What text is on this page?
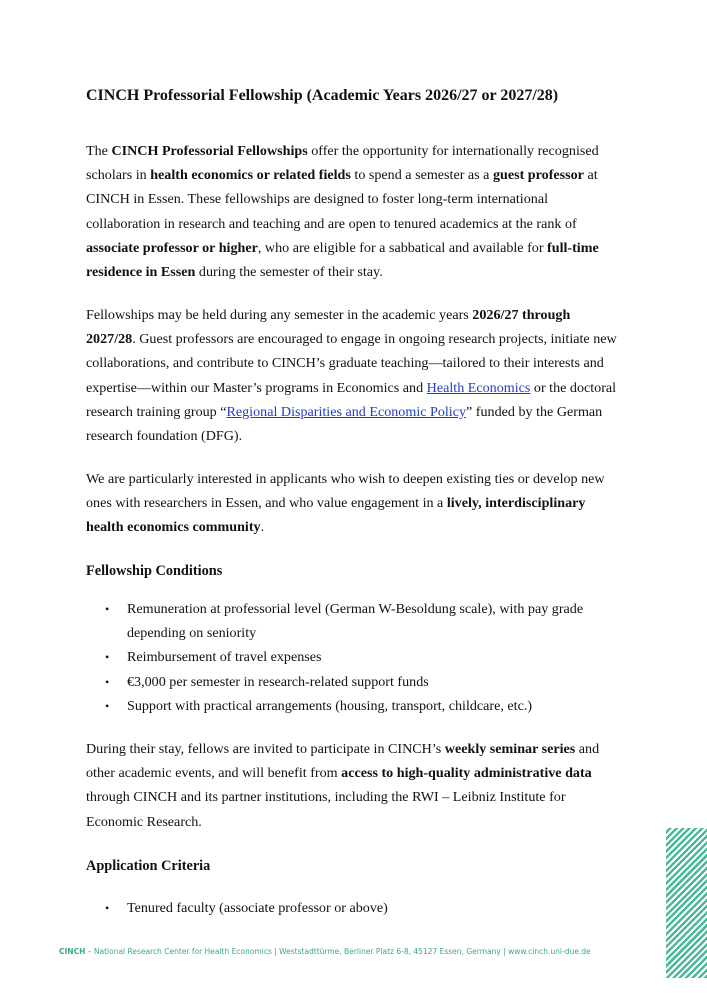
CINCH Professorial Fellowship (Academic Years 2026/27 or 2027/28)

The CINCH Professorial Fellowships offer the opportunity for internationally recognised scholars in health economics or related fields to spend a semester as a guest professor at CINCH in Essen. These fellowships are designed to foster long-term international collaboration in research and teaching and are open to tenured academics at the rank of associate professor or higher, who are eligible for a sabbatical and available for full-time residence in Essen during the semester of their stay.

Fellowships may be held during any semester in the academic years 2026/27 through 2027/28. Guest professors are encouraged to engage in ongoing research projects, initiate new collaborations, and contribute to CINCH’s graduate teaching—tailored to their interests and expertise—within our Master’s programs in Economics and Health Economics or the doctoral research training group “Regional Disparities and Economic Policy” funded by the German research foundation (DFG).

We are particularly interested in applicants who wish to deepen existing ties or develop new ones with researchers in Essen, and who value engagement in a lively, interdisciplinary health economics community.

Fellowship Conditions
• Remuneration at professorial level (German W-Besoldung scale), with pay grade depending on seniority
• Reimbursement of travel expenses
• €3,000 per semester in research-related support funds
• Support with practical arrangements (housing, transport, childcare, etc.)

During their stay, fellows are invited to participate in CINCH’s weekly seminar series and other academic events, and will benefit from access to high-quality administrative data through CINCH and its partner institutions, including the RWI – Leibniz Institute for Economic Research.

Application Criteria
• Tenured faculty (associate professor or above)

CINCH – National Research Center for Health Economics | Weststadttürme, Berliner Platz 6-8, 45127 Essen, Germany | www.cinch.uni-due.de
